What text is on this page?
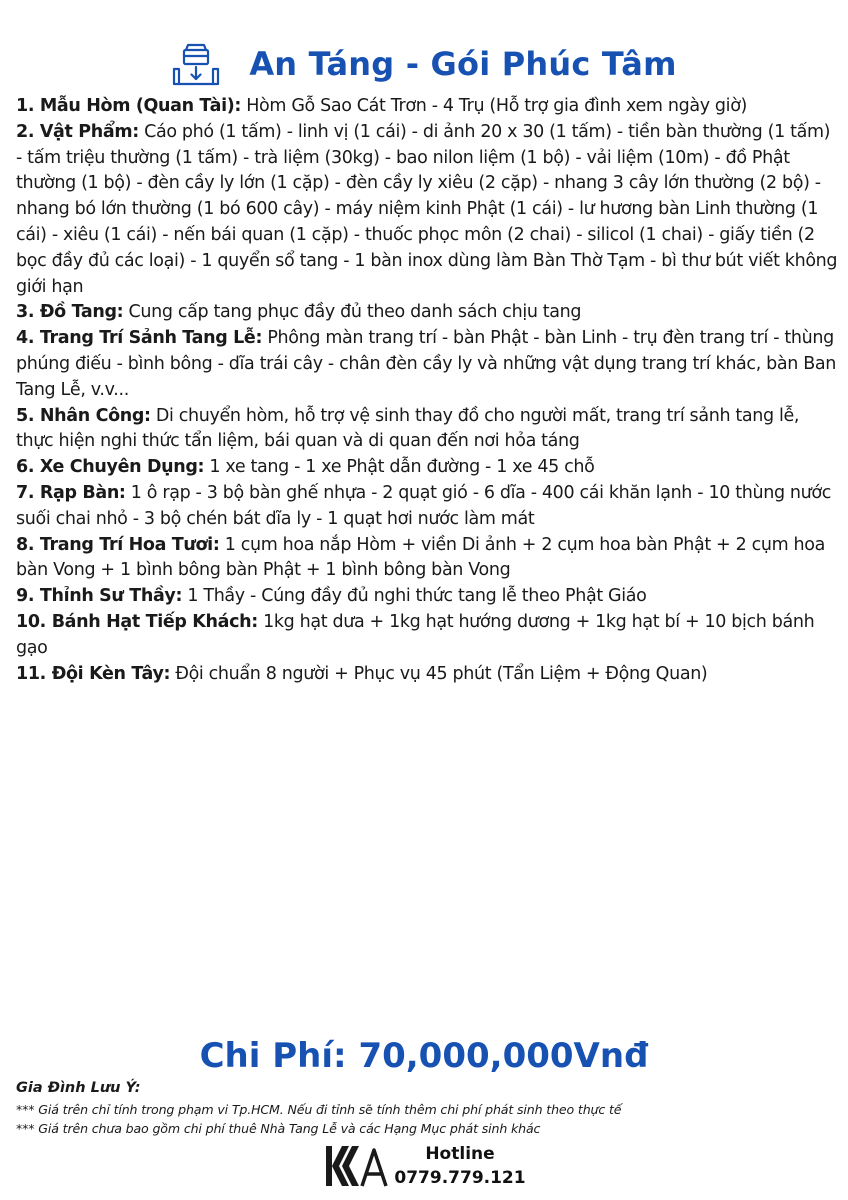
An Táng - Gói Phúc Tâm

1. Mẫu Hòm (Quan Tài): Hòm Gỗ Sao Cát Trơn - 4 Trụ (Hỗ trợ gia đình xem ngày giờ)

2. Vật Phẩm: Cáo phó (1 tấm) - linh vị (1 cái) - di ảnh 20 x 30 (1 tấm) - tiền bàn thường (1 tấm) - tấm triệu thường (1 tấm) - trà liệm (30kg) - bao nilon liệm (1 bộ) - vải liệm (10m) - đồ Phật thường (1 bộ) - đèn cầy ly lớn (1 cặp) - đèn cầy ly xiêu (2 cặp) - nhang 3 cây lớn thường (2 bộ) - nhang bó lớn thường (1 bó 600 cây) - máy niệm kinh Phật (1 cái) - lư hương bàn Linh thường (1 cái) - xiêu (1 cái) - nến bái quan (1 cặp) - thuốc phọc môn (2 chai) - silicol (1 chai) - giấy tiền (2 bọc đầy đủ các loại) - 1 quyển sổ tang - 1 bàn inox dùng làm Bàn Thờ Tạm - bì thư bút viết không giới hạn

3. Đồ Tang: Cung cấp tang phục đầy đủ theo danh sách chịu tang

4. Trang Trí Sảnh Tang Lễ: Phông màn trang trí - bàn Phật - bàn Linh - trụ đèn trang trí - thùng phúng điếu - bình bông - dĩa trái cây - chân đèn cầy ly và những vật dụng trang trí khác, bàn Ban Tang Lễ, v.v...

5. Nhân Công: Di chuyển hòm, hỗ trợ vệ sinh thay đồ cho người mất, trang trí sảnh tang lễ, thực hiện nghi thức tẩn liệm, bái quan và di quan đến nơi hỏa táng

6. Xe Chuyên Dụng: 1 xe tang - 1 xe Phật dẫn đường - 1 xe 45 chỗ

7. Rạp Bàn: 1 ô rạp - 3 bộ bàn ghế nhựa - 2 quạt gió - 6 dĩa - 400 cái khăn lạnh - 10 thùng nước suối chai nhỏ - 3 bộ chén bát dĩa ly - 1 quạt hơi nước làm mát

8. Trang Trí Hoa Tươi: 1 cụm hoa nắp Hòm + viền Di ảnh + 2 cụm hoa bàn Phật + 2 cụm hoa bàn Vong + 1 bình bông bàn Phật + 1 bình bông bàn Vong

9. Thỉnh Sư Thầy: 1 Thầy - Cúng đầy đủ nghi thức tang lễ theo Phật Giáo

10. Bánh Hạt Tiếp Khách: 1kg hạt dưa + 1kg hạt hướng dương + 1kg hạt bí + 10 bịch bánh gạo

11. Đội Kèn Tây: Đội chuẩn 8 người + Phục vụ 45 phút (Tẩn Liệm + Động Quan)

Chi Phí: 70,000,000Vnđ
Gia Đình Lưu Ý:
*** Giá trên chỉ tính trong phạm vi Tp.HCM. Nếu đi tỉnh sẽ tính thêm chi phí phát sinh theo thực tế
*** Giá trên chưa bao gồm chi phí thuê Nhà Tang Lễ và các Hạng Mục phát sinh khác
Hotline
0779.779.121
